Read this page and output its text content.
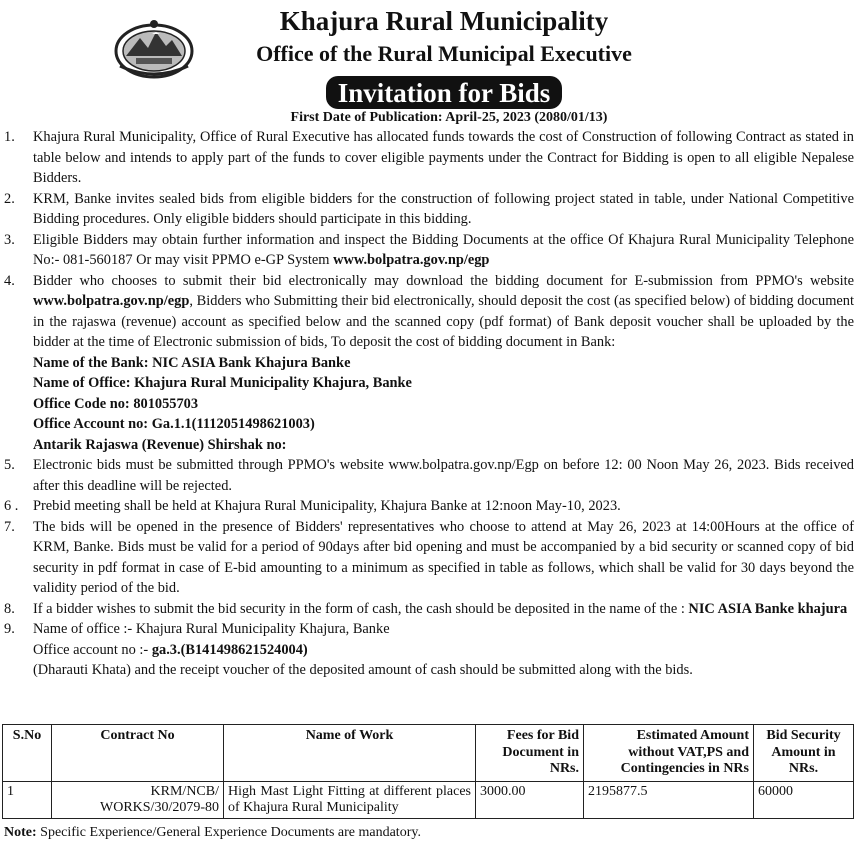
Khajura Rural Municipality
Office of the Rural Municipal Executive
Invitation for Bids
First Date of Publication: April-25, 2023 (2080/01/13)
1.	Khajura Rural Municipality, Office of Rural Executive has allocated funds towards the cost of Construction of following Contract as stated in table below and intends to apply part of the funds to cover eligible payments under the Contract for Bidding is open to all eligible Nepalese Bidders.
2.	KRM, Banke invites sealed bids from eligible bidders for the construction of following project stated in table, under National Competitive Bidding procedures. Only eligible bidders should participate in this bidding.
3.	Eligible Bidders may obtain further information and inspect the Bidding Documents at the office Of Khajura Rural Municipality Telephone No:- 081-560187 Or may visit PPMO e-GP System www.bolpatra.gov.np/egp
4.	Bidder who chooses to submit their bid electronically may download the bidding document for E-submission from PPMO's website www.bolpatra.gov.np/egp, Bidders who Submitting their bid electronically, should deposit the cost (as specified below) of bidding document in the rajaswa (revenue) account as specified below and the scanned copy (pdf format) of Bank deposit voucher shall be uploaded by the bidder at the time of Electronic submission of bids, To deposit the cost of bidding document in Bank:
Name of the Bank: NIC ASIA Bank Khajura Banke
Name of Office: Khajura Rural Municipality Khajura, Banke
Office Code no: 801055703
Office Account no: Ga.1.1(1112051498621003)
Antarik Rajaswa (Revenue) Shirshak no:
5.	Electronic bids must be submitted through PPMO's website www.bolpatra.gov.np/Egp on before 12: 00 Noon May 26, 2023. Bids received after this deadline will be rejected.
6 .	Prebid meeting shall be held at Khajura Rural Municipality, Khajura Banke at 12:noon May-10, 2023.
7.	The bids will be opened in the presence of Bidders' representatives who choose to attend at May 26, 2023 at 14:00Hours at the office of KRM, Banke. Bids must be valid for a period of 90days after bid opening and must be accompanied by a bid security or scanned copy of bid security in pdf format in case of E-bid amounting to a minimum as specified in table as follows, which shall be valid for 30 days beyond the validity period of the bid.
8.	If a bidder wishes to submit the bid security in the form of cash, the cash should be deposited in the name of the : NIC ASIA Banke khajura
9.	Name of office :- Khajura Rural Municipality Khajura, Banke
Office account no :- ga.3.(B141498621524004)
(Dharauti Khata) and the receipt voucher of the deposited amount of cash should be submitted along with the bids.
S.No	Contract No	Name of Work	Fees for Bid Document in NRs.	Estimated Amount without VAT,PS and Contingencies in NRs	Bid Security Amount in NRs.
1	KRM/NCB/ WORKS/30/2079-80	High Mast Light Fitting at different places of Khajura Rural Municipality	3000.00	2195877.5	60000
Note: Specific Experience/General Experience Documents are mandatory.
